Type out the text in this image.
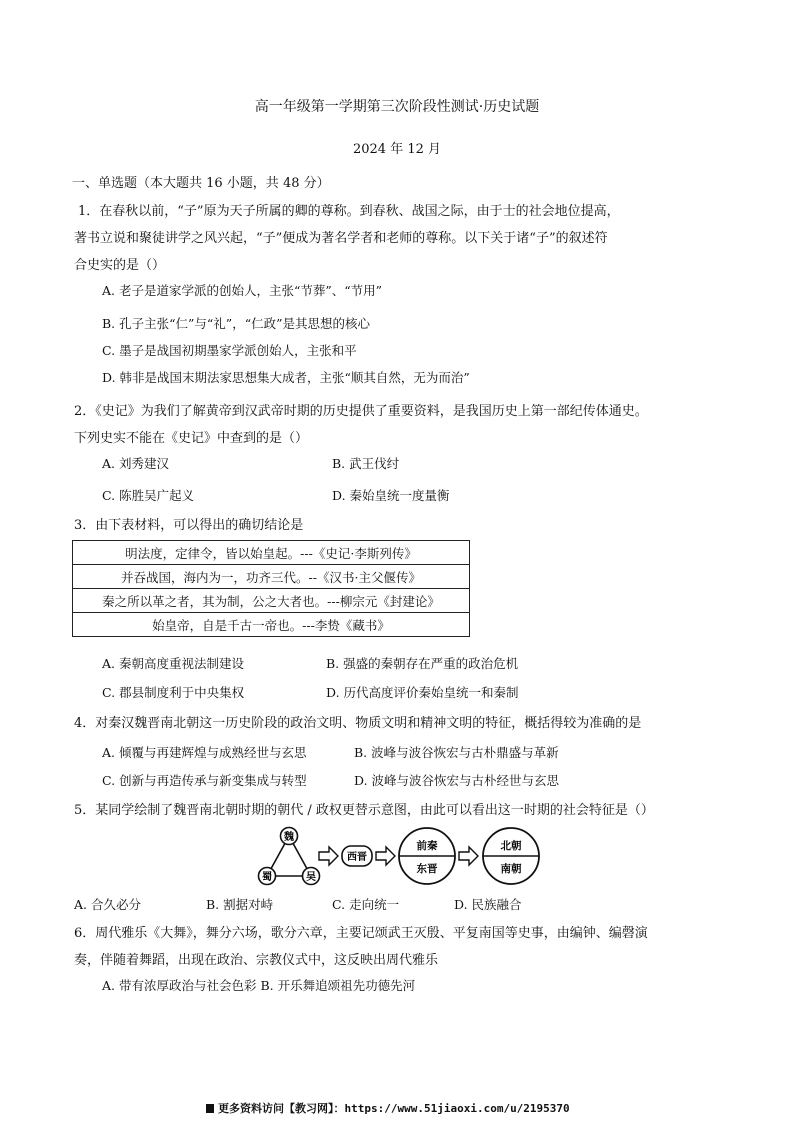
高一年级第一学期第三次阶段性测试·历史试题
2024 年 12 月
一、单选题（本大题共 16 小题，共 48 分）
1．在春秋以前，“子”原为天子所属的卿的尊称。到春秋、战国之际，由于士的社会地位提高，
著书立说和聚徒讲学之风兴起，“子”便成为著名学者和老师的尊称。以下关于诸“子”的叙述符
合史实的是（）
A. 老子是道家学派的创始人，主张“节葬”、“节用”
B. 孔子主张“仁”与“礼”，“仁政”是其思想的核心
C. 墨子是战国初期墨家学派创始人，主张和平
D. 韩非是战国末期法家思想集大成者，主张“顺其自然，无为而治”
2．《史记》为我们了解黄帝到汉武帝时期的历史提供了重要资料，是我国历史上第一部纪传体通史。
下列史实不能在《史记》中查到的是（）
A. 刘秀建汉	B. 武王伐纣
C. 陈胜吴广起义	D. 秦始皇统一度量衡
3．由下表材料，可以得出的确切结论是
明法度，定律令，皆以始皇起。---《史记·李斯列传》
并吞战国，海内为一，功齐三代。--《汉书·主父偃传》
秦之所以革之者，其为制，公之大者也。---柳宗元《封建论》
始皇帝，自是千古一帝也。---李贽《藏书》
A. 秦朝高度重视法制建设	B. 强盛的秦朝存在严重的政治危机
C. 郡县制度利于中央集权	D. 历代高度评价秦始皇统一和秦制
4．对秦汉魏晋南北朝这一历史阶段的政治文明、物质文明和精神文明的特征，概括得较为准确的是
A. 倾覆与再建辉煌与成熟经世与玄思	B. 波峰与波谷恢宏与古朴鼎盛与革新
C. 创新与再造传承与新变集成与转型	D. 波峰与波谷恢宏与古朴经世与玄思
5．某同学绘制了魏晋南北朝时期的朝代 / 政权更替示意图，由此可以看出这一时期的社会特征是（）
魏
蜀	吴
西晋
前秦
东晋
北朝
南朝
A. 合久必分	B. 割据对峙	C. 走向统一	D. 民族融合
6．周代雅乐《大舞》，舞分六场，歌分六章，主要记颂武王灭殷、平复南国等史事，由编钟、编磬演
奏，伴随着舞蹈，出现在政治、宗教仪式中，这反映出周代雅乐
A. 带有浓厚政治与社会色彩 B. 开乐舞追颂祖先功德先河
更多资料访问【教习网】：https://www.51jiaoxi.com/u/2195370
